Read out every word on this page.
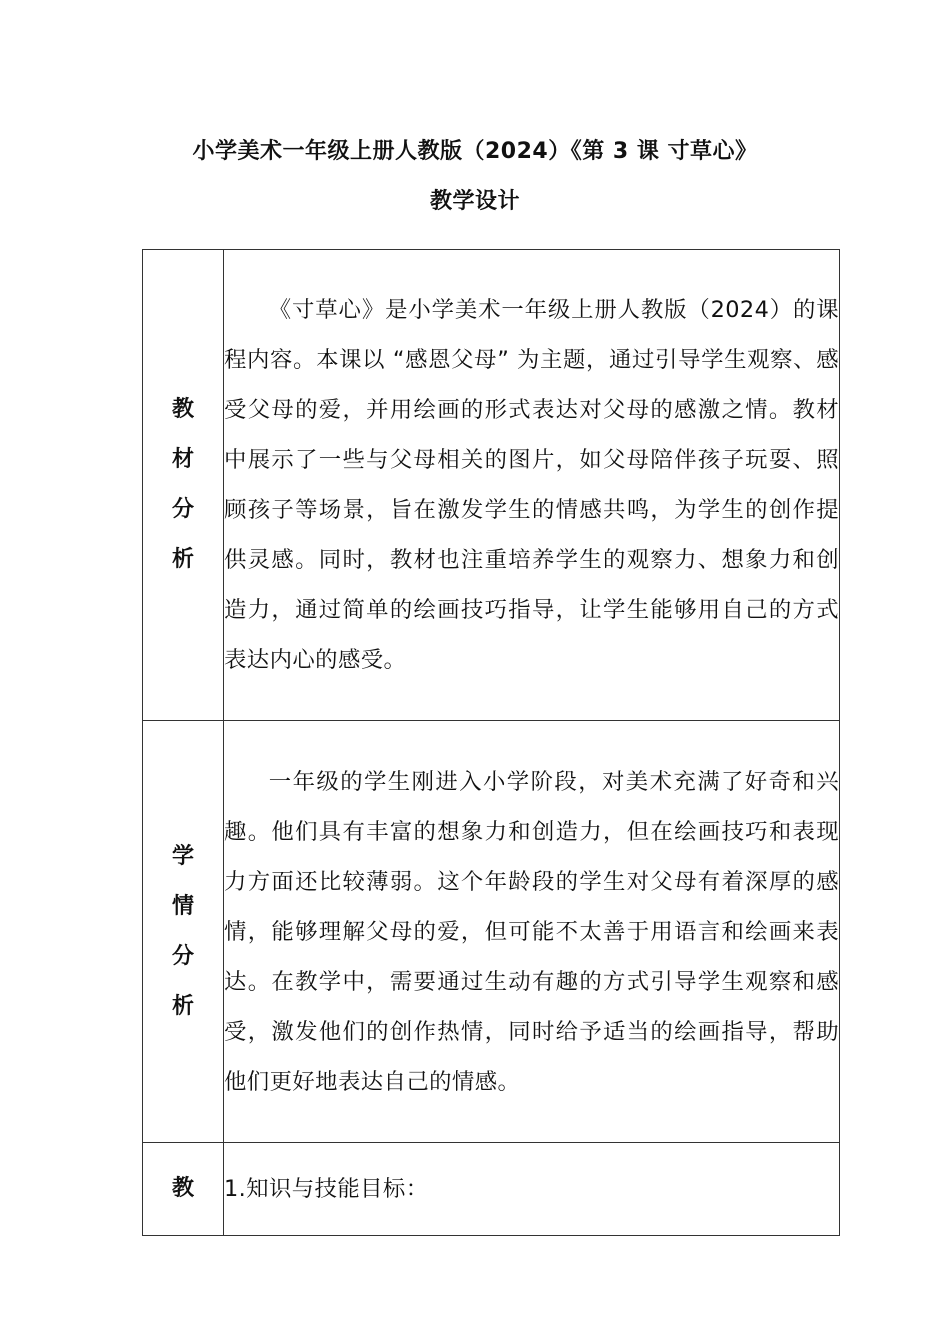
小学美术一年级上册人教版（2024）《第 3 课 寸草心》
教学设计
教
材
分
析	《寸草心》是小学美术一年级上册人教版（2024）的课程内容。本课以 “感恩父母” 为主题，通过引导学生观察、感受父母的爱，并用绘画的形式表达对父母的感激之情。教材中展示了一些与父母相关的图片，如父母陪伴孩子玩耍、照顾孩子等场景，旨在激发学生的情感共鸣，为学生的创作提供灵感。同时，教材也注重培养学生的观察力、想象力和创造力，通过简单的绘画技巧指导，让学生能够用自己的方式表达内心的感受。

学
情
分
析	一年级的学生刚进入小学阶段，对美术充满了好奇和兴趣。他们具有丰富的想象力和创造力，但在绘画技巧和表现力方面还比较薄弱。这个年龄段的学生对父母有着深厚的感情，能够理解父母的爱，但可能不太善于用语言和绘画来表达。在教学中，需要通过生动有趣的方式引导学生观察和感受，激发他们的创作热情，同时给予适当的绘画指导，帮助他们更好地表达自己的情感。

教	1.知识与技能目标：
